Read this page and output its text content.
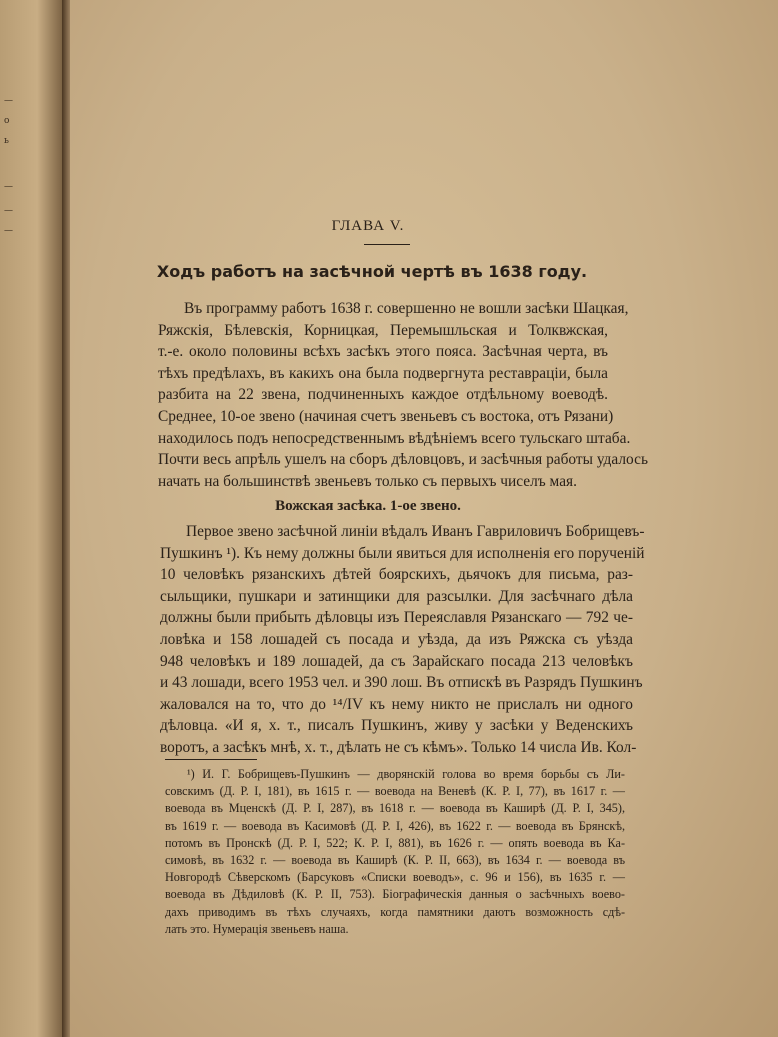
—
о
ь
—
—
—	ГЛАВА V.
Ходъ работъ на засѣчной чертѣ въ 1638 году.
Въ программу работъ 1638 г. совершенно не вошли засѣки Шацкая,
Ряжскія, Бѣлевскія, Корницкая, Перемышльская и Толквжская,
т.-е. около половины всѣхъ засѣкъ этого пояса. Засѣчная черта, въ
тѣхъ предѣлахъ, въ какихъ она была подвергнута реставраціи, была
разбита на 22 звена, подчиненныхъ каждое отдѣльному воеводѣ.
Среднее, 10-ое звено (начиная счетъ звеньевъ съ востока, отъ Рязани)
находилось подъ непосредственнымъ вѣдѣніемъ всего тульскаго штаба.
Почти весь апрѣль ушелъ на сборъ дѣловцовъ, и засѣчныя работы удалось
начать на большинствѣ звеньевъ только съ первыхъ чиселъ мая.
Вожская засѣка. 1-ое звено.
Первое звено засѣчной линіи вѣдалъ Иванъ Гавриловичъ Бобрищевъ-
Пушкинъ ¹). Къ нему должны были явиться для исполненія его порученій
10 человѣкъ рязанскихъ дѣтей боярскихъ, дьячокъ для письма, раз-
сыльщики, пушкари и затинщики для разсылки. Для засѣчнаго дѣла
должны были прибыть дѣловцы изъ Переяславля Рязанскаго — 792 че-
ловѣка и 158 лошадей съ посада и уѣзда, да изъ Ряжска съ уѣзда
948 человѣкъ и 189 лошадей, да съ Зарайскаго посада 213 человѣкъ
и 43 лошади, всего 1953 чел. и 390 лош. Въ отпискѣ въ Разрядъ Пушкинъ
жаловался на то, что до ¹⁴/IV къ нему никто не прислалъ ни одного
дѣловца. «И я, х. т., писалъ Пушкинъ, живу у засѣки у Веденскихъ
воротъ, а засѣкъ мнѣ, х. т., дѣлать не съ кѣмъ». Только 14 числа Ив. Кол-
¹) И. Г. Бобрищевъ-Пушкинъ — дворянскій голова во время борьбы съ Ли-
совскимъ (Д. Р. I, 181), въ 1615 г. — воевода на Веневѣ (К. Р. I, 77), въ 1617 г. —
воевода въ Мценскѣ (Д. Р. I, 287), въ 1618 г. — воевода въ Каширѣ (Д. Р. I, 345),
въ 1619 г. — воевода въ Касимовѣ (Д. Р. I, 426), въ 1622 г. — воевода въ Брянскѣ,
потомъ въ Пронскѣ (Д. Р. I, 522; К. Р. I, 881), въ 1626 г. — опять воевода въ Ка-
симовѣ, въ 1632 г. — воевода въ Каширѣ (К. Р. II, 663), въ 1634 г. — воевода въ
Новгородѣ Сѣверскомъ (Барсуковъ «Списки воеводъ», с. 96 и 156), въ 1635 г. —
воевода въ Дѣдиловѣ (К. Р. II, 753). Біографическія данныя о засѣчныхъ воево-
дахъ приводимъ въ тѣхъ случаяхъ, когда памятники даютъ возможность сдѣ-
лать это. Нумерація звеньевъ наша.
